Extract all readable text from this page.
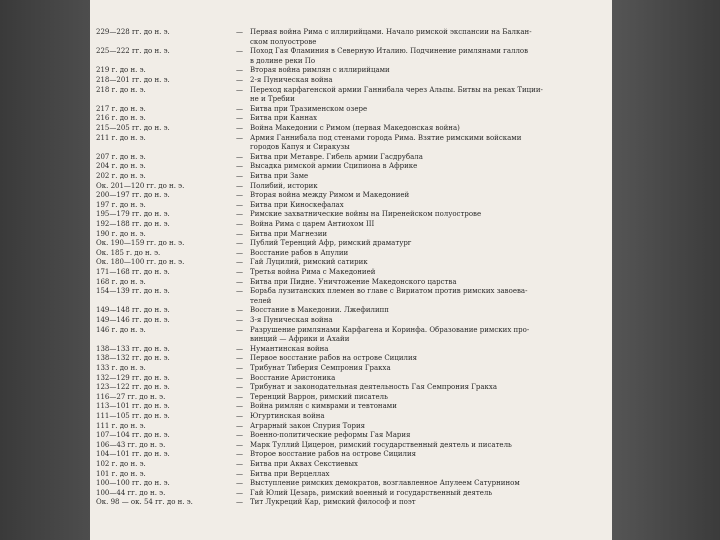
229—228 гг. до н. э.	— Первая война Рима с иллирийцами. Начало римской экспансии на Балкан-
ском полуострове
225—222 гг. до н. э.	— Поход Гая Фламиния в Северную Италию. Подчинение римлянами галлов
в долине реки По
219 г. до н. э.	— Вторая война римлян с иллирийцами
218—201 гг. до н. э.	— 2-я Пуническая война
218 г. до н. э.	— Переход карфагенской армии Ганнибала через Альпы. Битвы на реках Тиции-
не и Требии
217 г. до н. э.	— Битва при Тразименском озере
216 г. до н. э.	— Битва при Каннах
215—205 гг. до н. э.	— Война Македонии с Римом (первая Македонская война)
211 г. до н. э.	— Армия Ганнибала под стенами города Рима. Взятие римскими войсками
городов Капуя и Сиракузы
207 г. до н. э.	— Битва при Метавре. Гибель армии Гасдрубала
204 г. до н. э.	— Высадка римской армии Сципиона в Африке
202 г. до н. э.	— Битва при Заме
Ок. 201—120 гг. до н. э.	— Полибий, историк
200—197 гг. до н. э.	— Вторая война между Римом и Македонией
197 г. до н. э.	— Битва при Киноскефалах
195—179 гг. до н. э.	— Римские захватнические войны на Пиренейском полуострове
192—188 гг. до н. э.	— Война Рима с царем Антиохом III
190 г. до н. э.	— Битва при Магнезии
Ок. 190—159 гг. до н. э.	— Публий Теренций Афр, римский драматург
Ок. 185 г. до н. э.	— Восстание рабов в Апулии
Ок. 180—100 гг. до н. э.	— Гай Луцилий, римский сатирик
171—168 гг. до н. э.	— Третья война Рима с Македонией
168 г. до н. э.	— Битва при Пидне. Уничтожение Македонского царства
154—139 гг. до н. э.	— Борьба лузитанских племен во главе с Вириатом против римских завоева-
телей
149—148 гг. до н. э.	— Восстание в Македонии. Лжефилипп
149—146 гг. до н. э.	— 3-я Пуническая война
146 г. до н. э.	— Разрушение римлянами Карфагена и Коринфа. Образование римских про-
винций — Африки и Ахайи
138—133 гг. до н. э.	— Нумантинская война
138—132 гг. до н. э.	— Первое восстание рабов на острове Сицилия
133 г. до н. э.	— Трибунат Тиберия Семпрония Гракха
132—129 гг. до н. э.	— Восстание Аристоника
123—122 гг. до н. э.	— Трибунат и законодательная деятельность Гая Семпрония Гракха
116—27 гг. до н. э.	— Теренций Варрон, римский писатель
113—101 гг. до н. э.	— Война римлян с кимврами и тевтонами
111—105 гг. до н. э.	— Югуртинская война
111 г. до н. э.	— Аграрный закон Спурия Тория
107—104 гг. до н. э.	— Военно-политические реформы Гая Мария
106—43 гг. до н. э.	— Марк Туллий Цицерон, римский государственный деятель и писатель
104—101 гг. до н. э.	— Второе восстание рабов на острове Сицилия
102 г. до н. э.	— Битва при Аквах Секстиевых
101 г. до н. э.	— Битва при Верцеллах
100—100 гг. до н. э.	— Выступление римских демократов, возглавленное Апулеем Сатурнином
100—44 гг. до н. э.	— Гай Юлий Цезарь, римский военный и государственный деятель
Ок. 98 — ок. 54 гг. до н. э.	— Тит Лукреций Кар, римский философ и поэт
